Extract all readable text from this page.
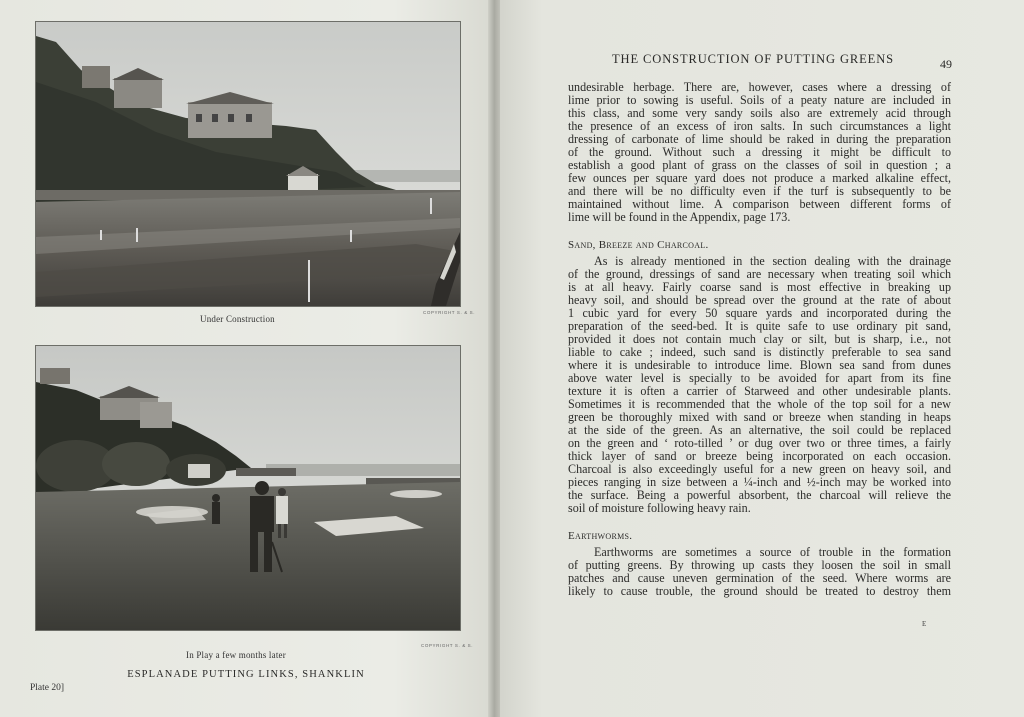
Under Construction
COPYRIGHT S. & S.
In Play a few months later
COPYRIGHT S. & S.
ESPLANADE PUTTING LINKS, SHANKLIN
Plate 20]
THE CONSTRUCTION OF PUTTING GREENS	49
undesirable herbage. There are, however, cases where a dressing of
lime prior to sowing is useful. Soils of a peaty nature are included in
this class, and some very sandy soils also are extremely acid through
the presence of an excess of iron salts. In such circumstances a light
dressing of carbonate of lime should be raked in during the preparation
of the ground. Without such a dressing it might be difficult to
establish a good plant of grass on the classes of soil in question ; a
few ounces per square yard does not produce a marked alkaline effect,
and there will be no difficulty even if the turf is subsequently to be
maintained without lime. A comparison between different forms of
lime will be found in the Appendix, page 173.
Sand, Breeze and Charcoal.
As is already mentioned in the section dealing with the drainage
of the ground, dressings of sand are necessary when treating soil which
is at all heavy. Fairly coarse sand is most effective in breaking up
heavy soil, and should be spread over the ground at the rate of about
1 cubic yard for every 50 square yards and incorporated during the
preparation of the seed-bed. It is quite safe to use ordinary pit sand,
provided it does not contain much clay or silt, but is sharp, i.e., not
liable to cake ; indeed, such sand is distinctly preferable to sea sand
where it is undesirable to introduce lime. Blown sea sand from dunes
above water level is specially to be avoided for apart from its fine
texture it is often a carrier of Starweed and other undesirable plants.
Sometimes it is recommended that the whole of the top soil for a new
green be thoroughly mixed with sand or breeze when standing in heaps
at the side of the green. As an alternative, the soil could be replaced
on the green and ‘ roto-tilled ’ or dug over two or three times, a fairly
thick layer of sand or breeze being incorporated on each occasion.
Charcoal is also exceedingly useful for a new green on heavy soil, and
pieces ranging in size between a ¼-inch and ½-inch may be worked into
the surface. Being a powerful absorbent, the charcoal will relieve the
soil of moisture following heavy rain.
Earthworms.
Earthworms are sometimes a source of trouble in the formation
of putting greens. By throwing up casts they loosen the soil in small
patches and cause uneven germination of the seed. Where worms are
likely to cause trouble, the ground should be treated to destroy them
E
